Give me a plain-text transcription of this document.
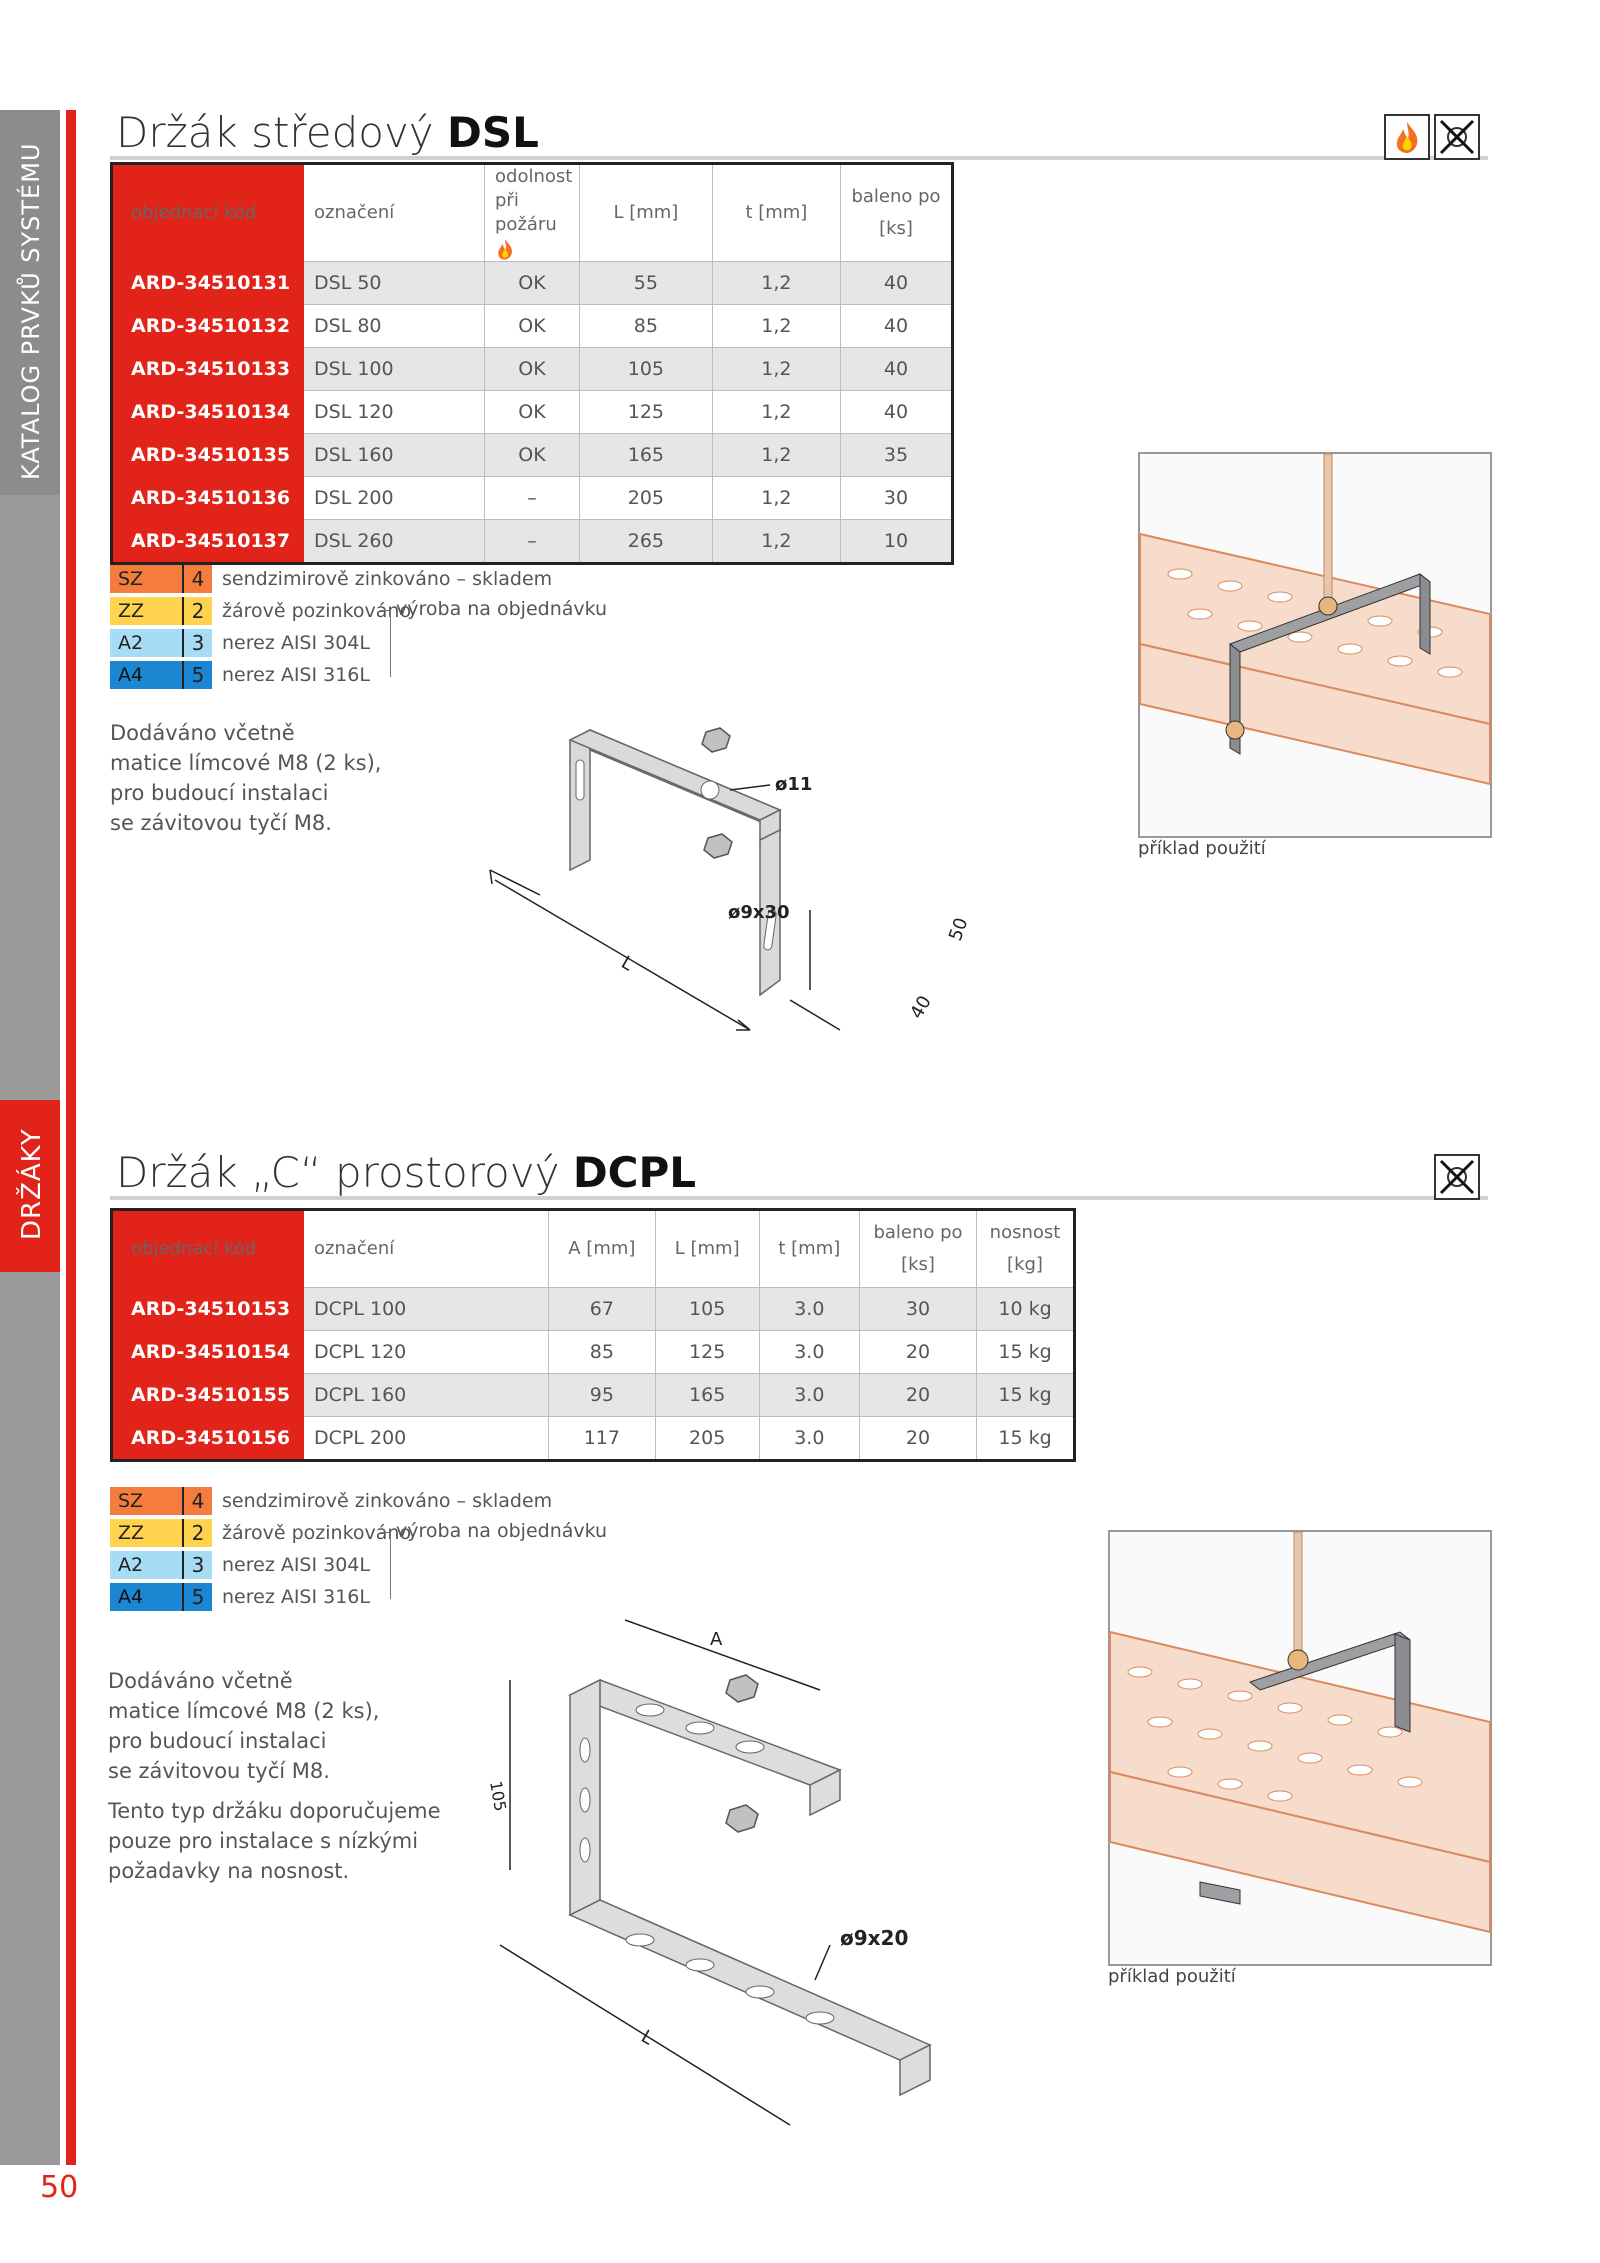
KATALOG PRVKŮ SYSTÉMU
DRŽÁKY
50
Držák středový DSL
objednací kód	označení	odolnost při požáru	L [mm]	t [mm]	baleno po [ks]
ARD-34510131	DSL 50	OK	55	1,2	40
ARD-34510132	DSL 80	OK	85	1,2	40
ARD-34510133	DSL 100	OK	105	1,2	40
ARD-34510134	DSL 120	OK	125	1,2	40
ARD-34510135	DSL 160	OK	165	1,2	35
ARD-34510136	DSL 200	–	205	1,2	30
ARD-34510137	DSL 260	–	265	1,2	10
SZ	4 sendzimirově zinkováno – skladem
ZZ	2 žárově pozinkováno
A2	3 nerez AISI 304L
A4	5 nerez AISI 316L
výroba na objednávku
Dodáváno včetně
matice límcové M8 (2 ks),
pro budoucí instalaci
se závitovou tyčí M8.
ø11
ø9x30
50
40
L
příklad použití
Držák „C“ prostorový DCPL
objednací kód	označení	A [mm]	L [mm]	t [mm]	baleno po [ks]	nosnost [kg]
ARD-34510153	DCPL 100	67	105	3.0	30	10 kg
ARD-34510154	DCPL 120	85	125	3.0	20	15 kg
ARD-34510155	DCPL 160	95	165	3.0	20	15 kg
ARD-34510156	DCPL 200	117	205	3.0	20	15 kg
SZ	4 sendzimirově zinkováno – skladem
ZZ	2 žárově pozinkováno
A2	3 nerez AISI 304L
A4	5 nerez AISI 316L
výroba na objednávku
Dodáváno včetně
matice límcové M8 (2 ks),
pro budoucí instalaci
se závitovou tyčí M8.
Tento typ držáku doporučujeme
pouze pro instalace s nízkými
požadavky na nosnost.
A
105
ø9x20
L
příklad použití
